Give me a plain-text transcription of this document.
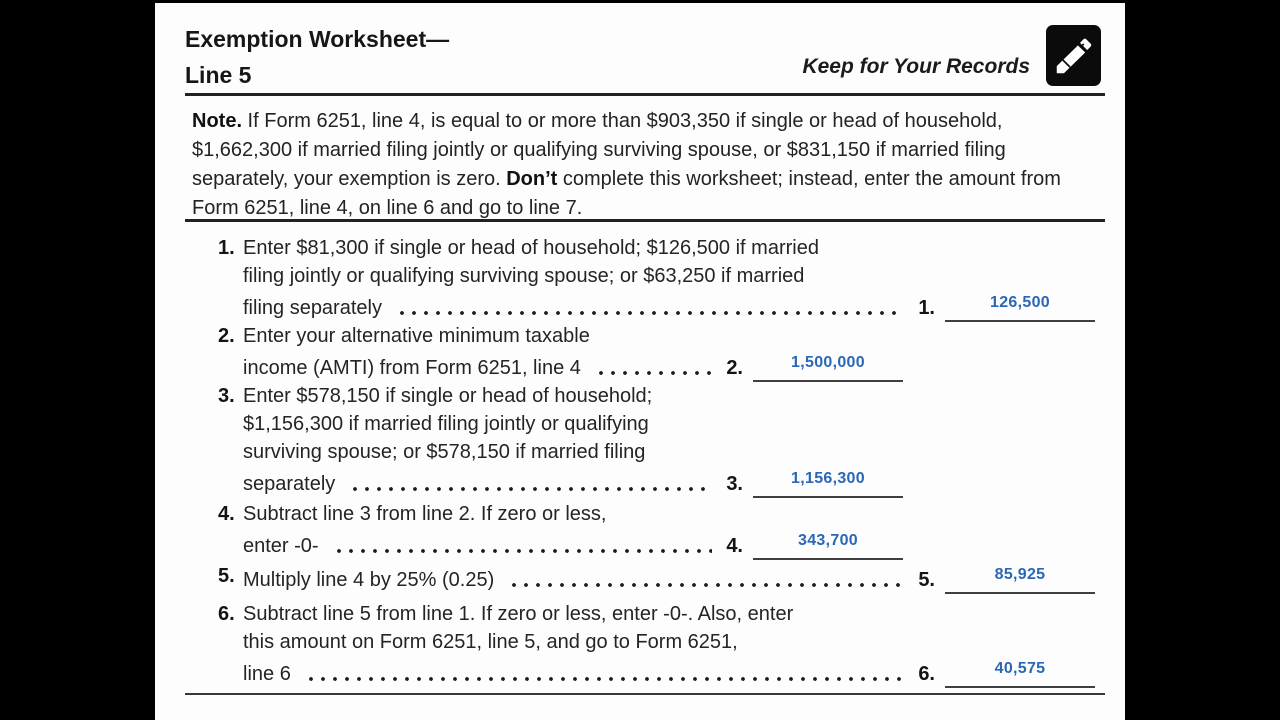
Exemption Worksheet—
Line 5	Keep for Your Records
Note. If Form 6251, line 4, is equal to or more than $903,350 if single or head of household,
$1,662,300 if married filing jointly or qualifying surviving spouse, or $831,150 if married filing
separately, your exemption is zero. Don’t complete this worksheet; instead, enter the amount from
Form 6251, line 4, on line 6 and go to line 7.
1. Enter $81,300 if single or head of household; $126,500 if married
filing jointly or qualifying surviving spouse; or $63,250 if married
filing separately	1.	126,500
2. Enter your alternative minimum taxable
income (AMTI) from Form 6251, line 4	2.	1,500,000
3. Enter $578,150 if single or head of household;
$1,156,300 if married filing jointly or qualifying
surviving spouse; or $578,150 if married filing
separately	3.	1,156,300
4. Subtract line 3 from line 2. If zero or less,
enter -0-	4.	343,700
5. Multiply line 4 by 25% (0.25)	5.	85,925
6. Subtract line 5 from line 1. If zero or less, enter -0-. Also, enter
this amount on Form 6251, line 5, and go to Form 6251,
line 6	6.	40,575
